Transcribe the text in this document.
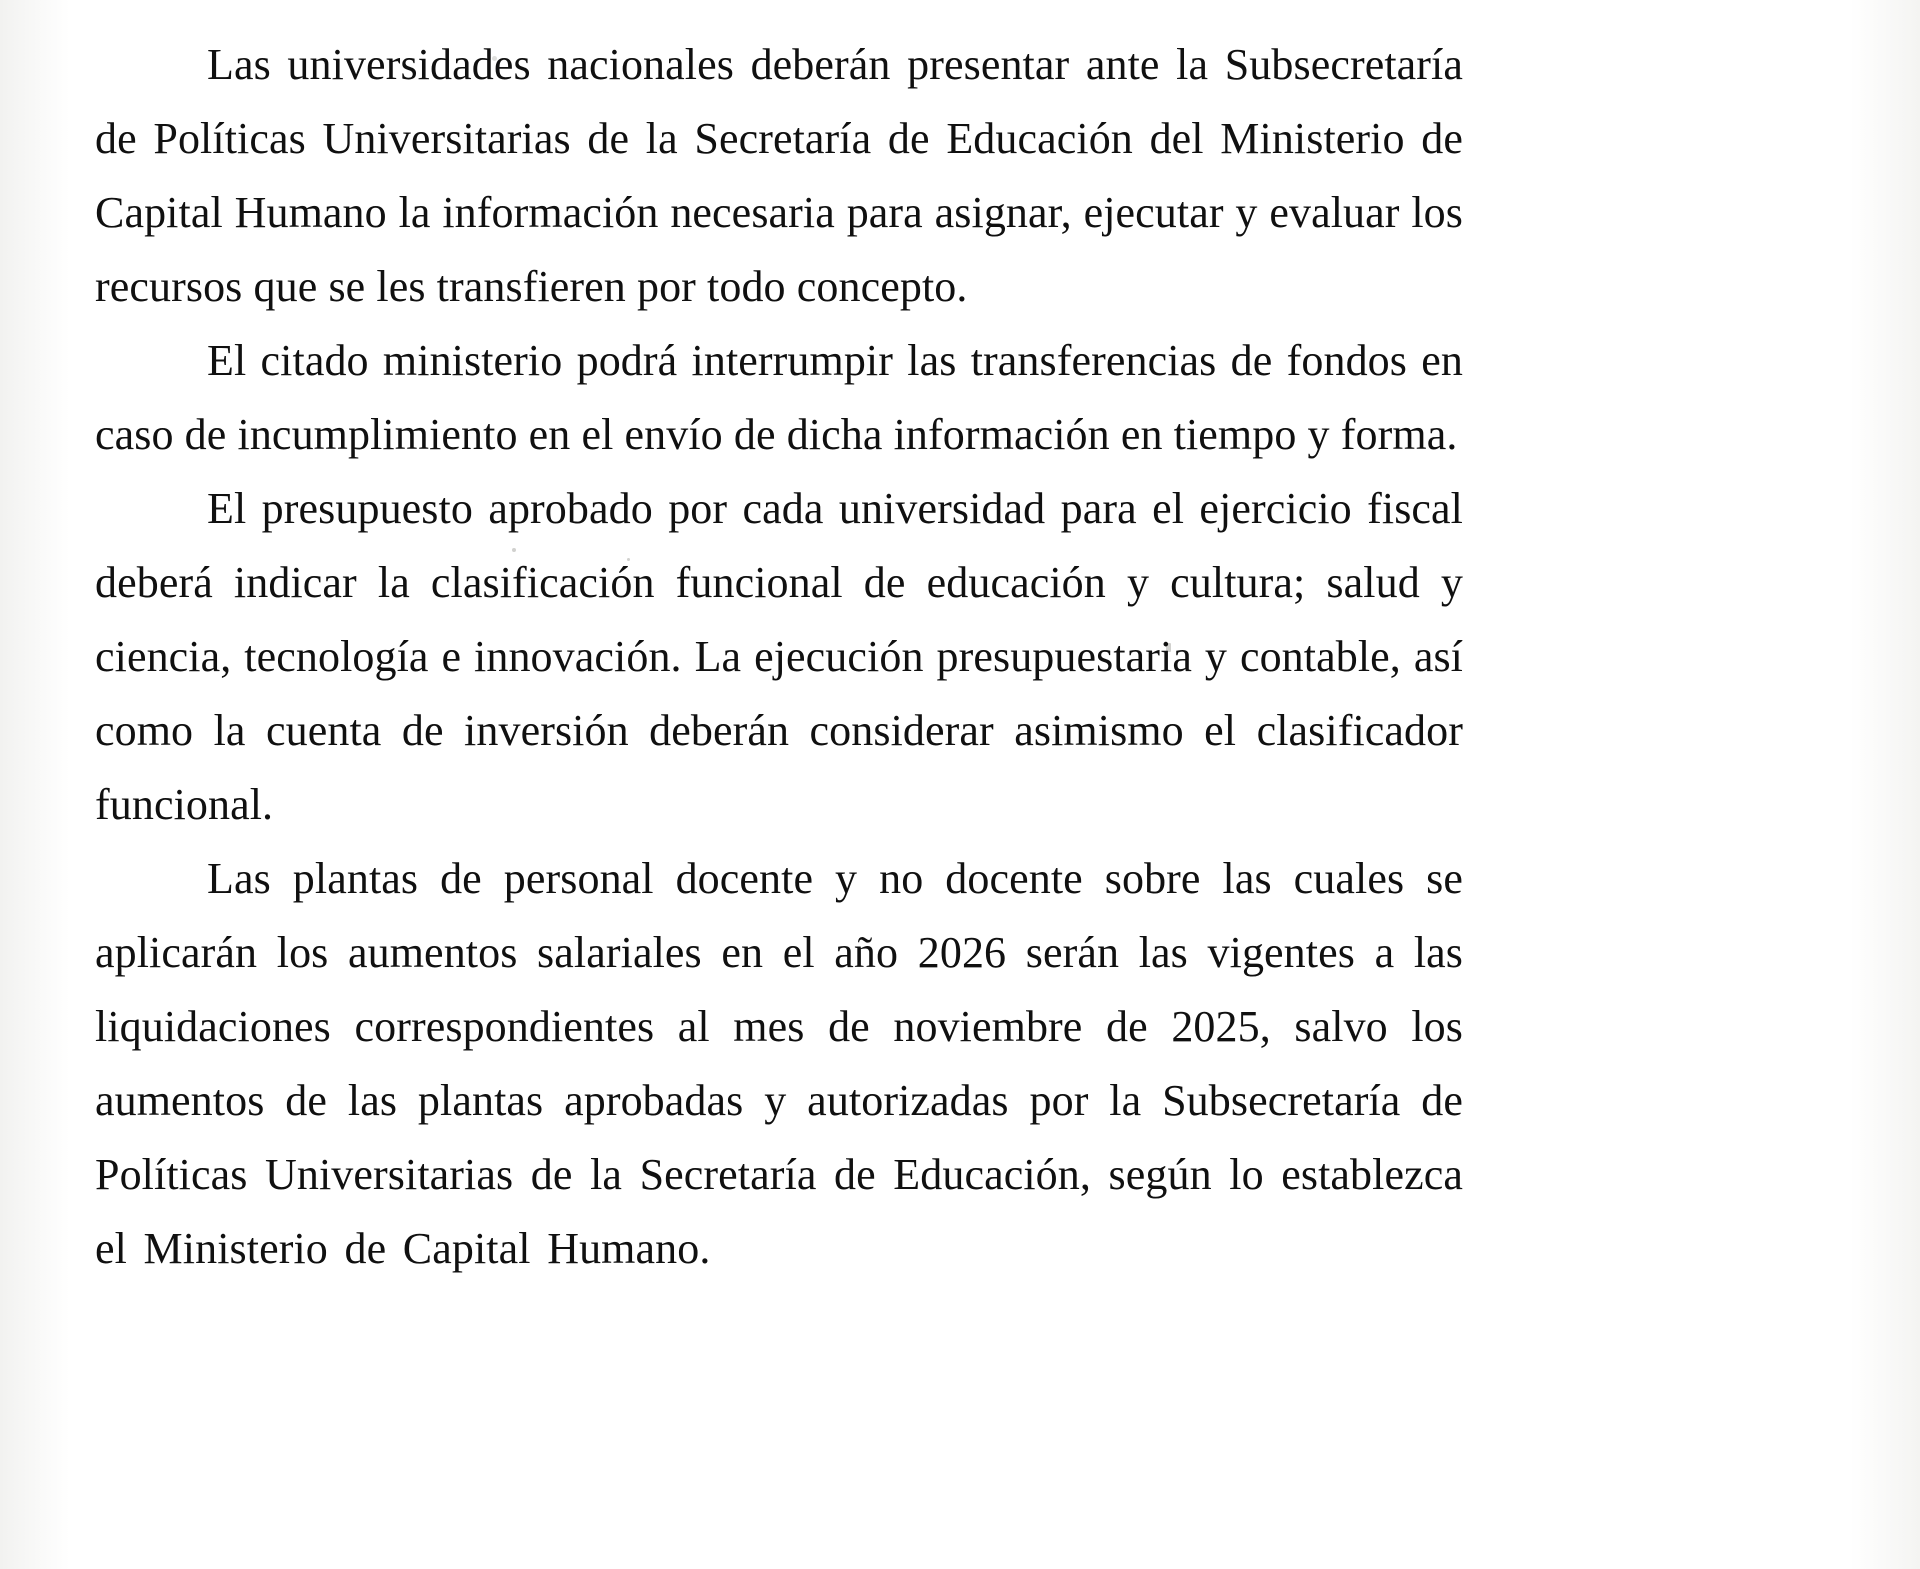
Las universidades nacionales deberán presentar ante la Subsecretaría de Políticas Universitarias de la Secretaría de Educación del Ministerio de Capital Humano la información necesaria para asignar, ejecutar y evaluar los recursos que se les transfieren por todo concepto.

El citado ministerio podrá interrumpir las transferencias de fondos en caso de incumplimiento en el envío de dicha información en tiempo y forma.

El presupuesto aprobado por cada universidad para el ejercicio fiscal deberá indicar la clasificación funcional de educación y cultura; salud y ciencia, tecnología e innovación. La ejecución presupuestaria y contable, así como la cuenta de inversión deberán considerar asimismo el clasificador funcional.

Las plantas de personal docente y no docente sobre las cuales se aplicarán los aumentos salariales en el año 2026 serán las vigentes a las liquidaciones correspondientes al mes de noviembre de 2025, salvo los aumentos de las plantas aprobadas y autorizadas por la Subsecretaría de Políticas Universitarias de la Secretaría de Educación, según lo establezca el Ministerio de Capital Humano.
